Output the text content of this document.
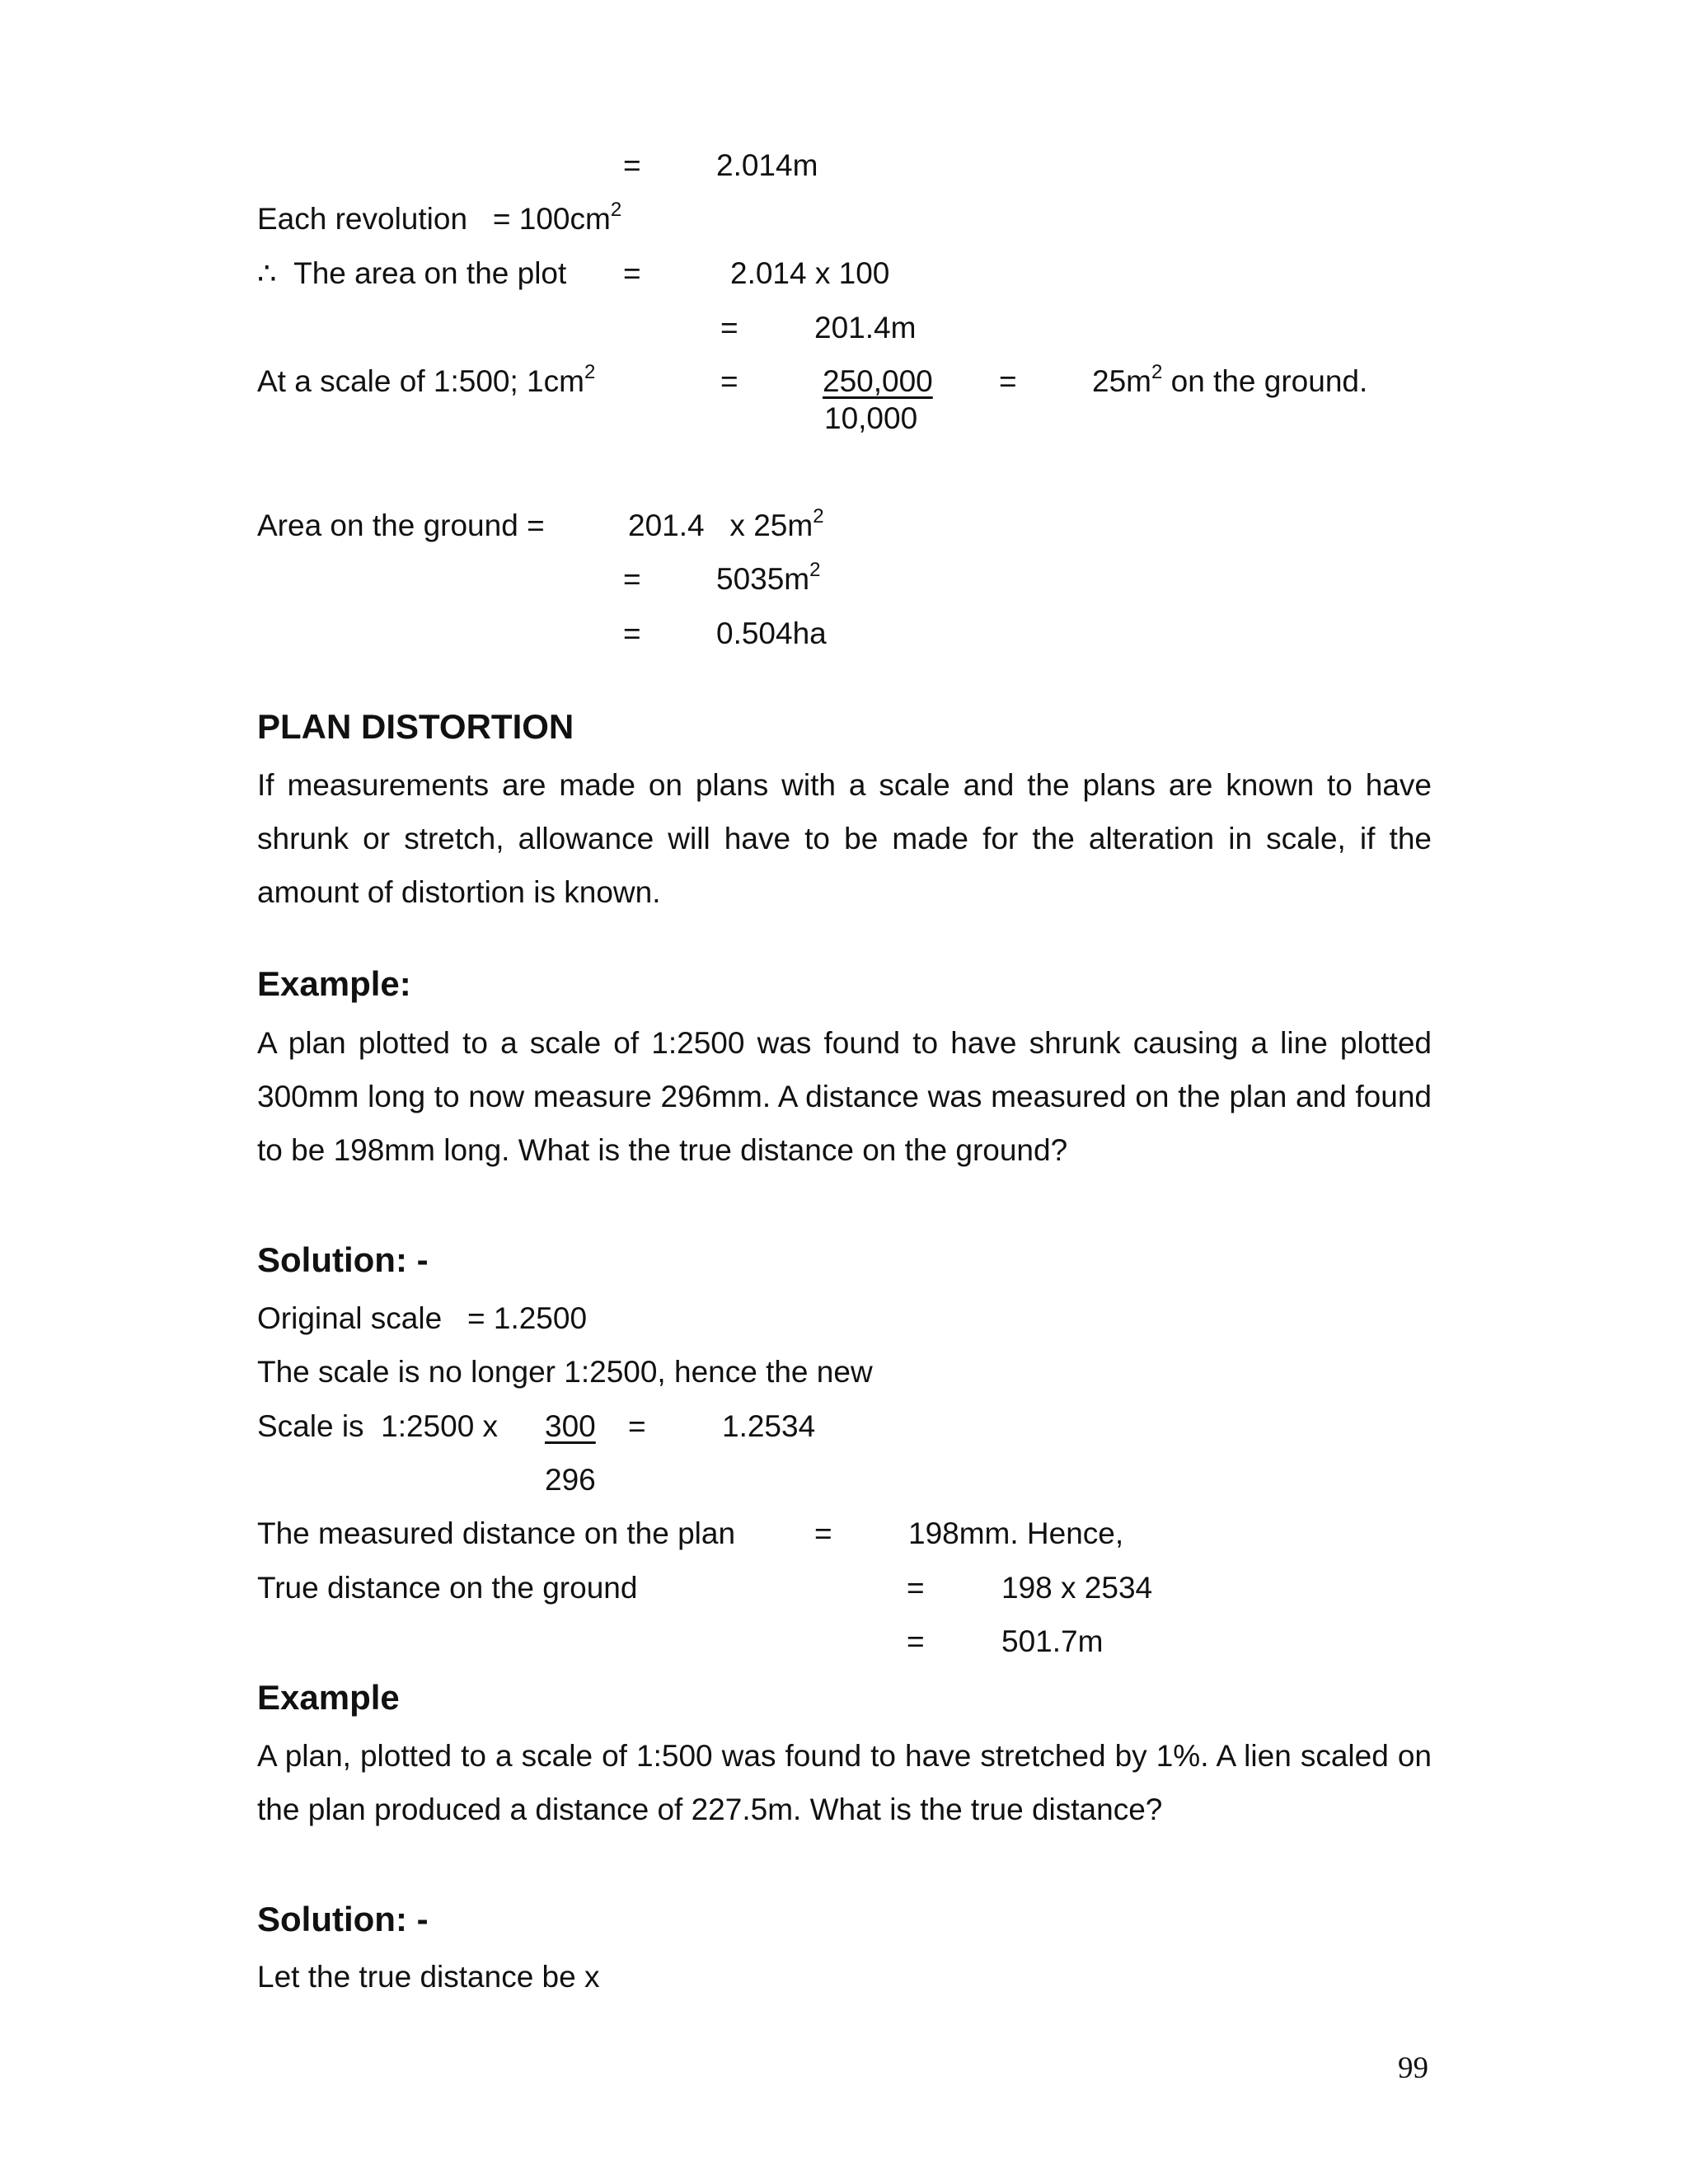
= 2.014m
Each revolution = $100cm^2$
∴ The area on the plot =	2.014 x 100
= 201.4m
At a scale of 1:500; $1cm^2$	=	250,000
10,000
= $25m^2$ on the ground.
Area on the ground =	201.4   x $25m^2$
= $5035m^2$
= 0.504ha
PLAN DISTORTION

If measurements are made on plans with a scale and the plans are known to have shrunk or stretch, allowance will have to be made for the alteration in scale, if the amount of distortion is known.

Example:

A plan plotted to a scale of 1:2500 was found to have shrunk causing a line plotted 300mm long to now measure 296mm. A distance was measured on the plan and found to be 198mm long. What is the true distance on the ground?

Solution: -
Original scale   = 1.2500
The scale is no longer 1:2500, hence the new
Scale is  1:2500 x 300 = 1.2534
296
The measured distance on the plan	= 198mm. Hence,
True distance on the ground	=	198 x 2534
=	501.7m
Example

A plan, plotted to a scale of 1:500 was found to have stretched by 1%. A lien scaled on the plan produced a distance of 227.5m. What is the true distance?

Solution: -
Let the true distance be x
99
